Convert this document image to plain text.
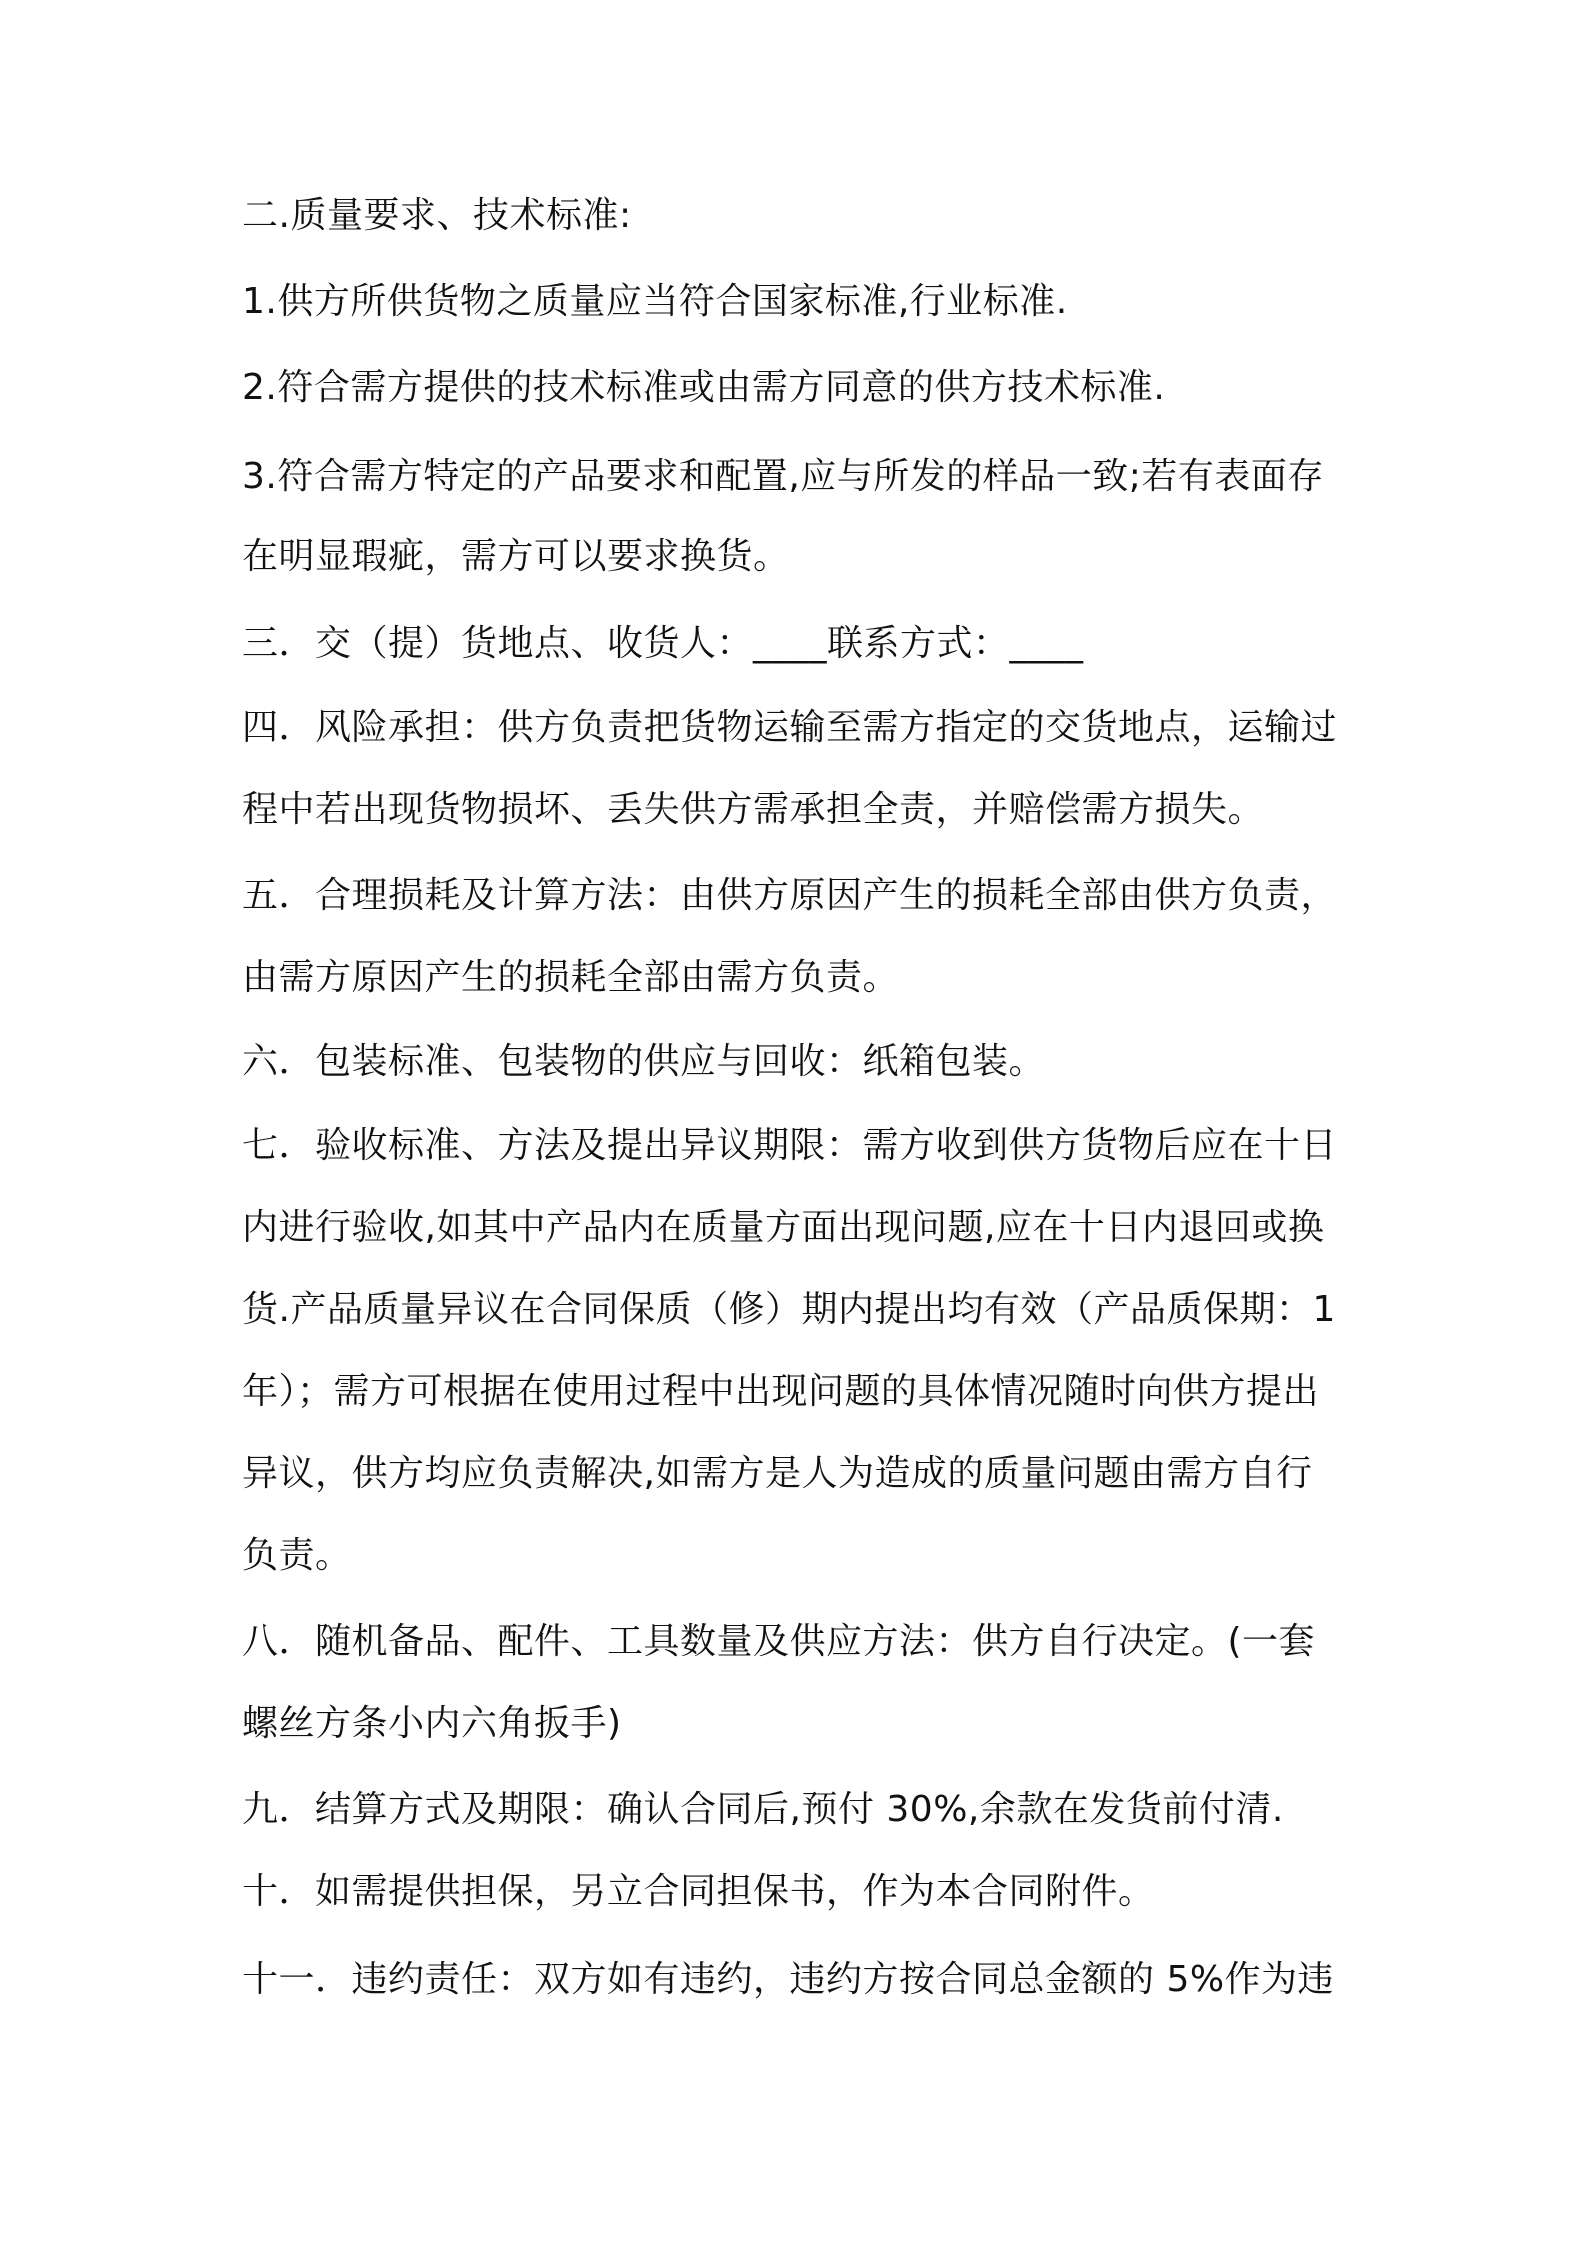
二.质量要求、技术标准:
1.供方所供货物之质量应当符合国家标准,行业标准.
2.符合需方提供的技术标准或由需方同意的供方技术标准.
3.符合需方特定的产品要求和配置,应与所发的样品一致;若有表面存
在明显瑕疵，需方可以要求换货。
三．交（提）货地点、收货人：____联系方式：____
四．风险承担：供方负责把货物运输至需方指定的交货地点，运输过
程中若出现货物损坏、丢失供方需承担全责，并赔偿需方损失。
五．合理损耗及计算方法：由供方原因产生的损耗全部由供方负责，
由需方原因产生的损耗全部由需方负责。
六．包装标准、包装物的供应与回收：纸箱包装。
七．验收标准、方法及提出异议期限：需方收到供方货物后应在十日
内进行验收,如其中产品内在质量方面出现问题,应在十日内退回或换
货.产品质量异议在合同保质（修）期内提出均有效（产品质保期：1
年）；需方可根据在使用过程中出现问题的具体情况随时向供方提出
异议，供方均应负责解决,如需方是人为造成的质量问题由需方自行
负责。
八．随机备品、配件、工具数量及供应方法：供方自行决定。(一套
螺丝方条小内六角扳手)
九．结算方式及期限：确认合同后,预付 30%,余款在发货前付清.
十．如需提供担保，另立合同担保书，作为本合同附件。
十一．违约责任：双方如有违约，违约方按合同总金额的 5%作为违
